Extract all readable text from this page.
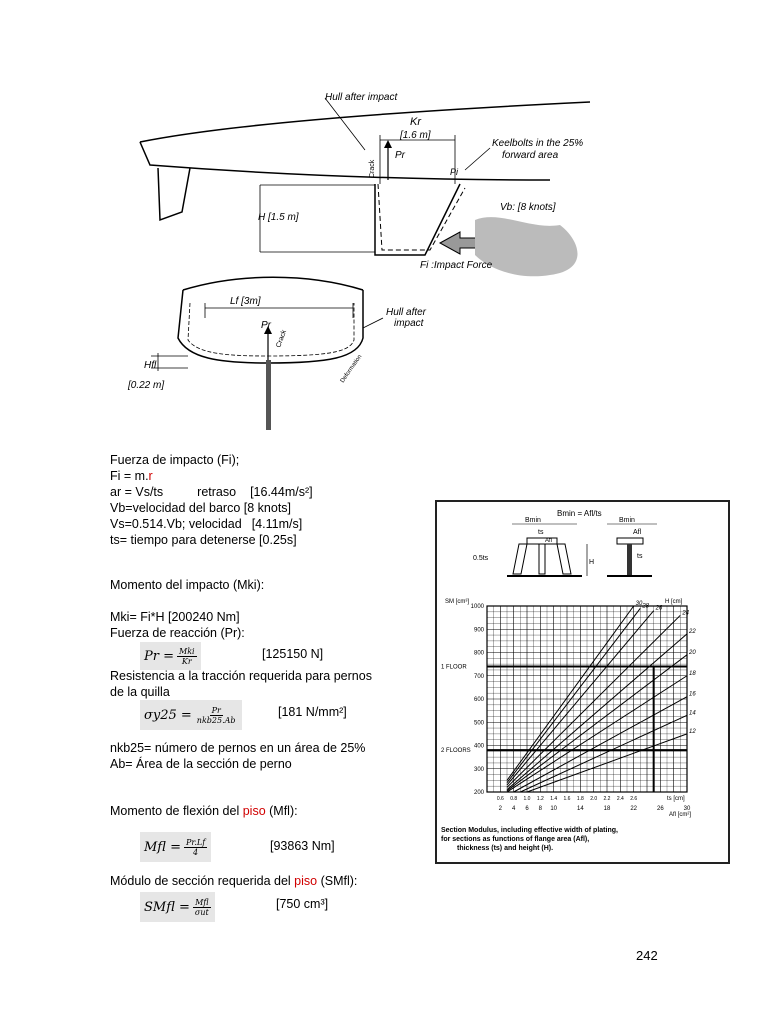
Hull after impact
Kr
[1.6 m]
Keelbolts in the 25%
forward area
Pr
Crack	Pi
H [1.5 m]
Vb: [8 knots]
Fi :Impact Force
Lf [3m]
Pr
Crack
Hull after
impact
Deformation
Hfl
[0.22 m]
Fuerza de impacto (Fi);
Fi = m.r
ar = Vs/ts	retraso [16.44m/s²]
Vb=velocidad del barco [8 knots]
Vs=0.514.Vb; velocidad [4.11m/s]
ts= tiempo para detenerse [0.25s]
Momento del impacto (Mki):
Mki= Fi*H [200240 Nm]
Fuerza de reacción (Pr):
$Pr = \frac{\text{Mki}}{Kr}$	[125150 N]
Resistencia a la tracción requerida para pernos
de la quilla
$\sigma y25 = \frac{Pr}{\text{nkb25.Ab}}$	[181 N/mm²]
nkb25= número de pernos en un área de 25%
Ab= Área de la sección de perno
Momento de flexión del piso (Mfl):
Mfl = $\frac{Pr.Lf}{4}$	[93863 Nm]
Módulo de sección requerida del piso (SMfl):
SMfl = $\frac{\text{Mfl}}{\text{σut}}$	[750 cm³]
242
Bmin = Afl/ts
Bmin	Bmin
ts
Afl
Afl
H
ts
0.5ts
200
300
400
500
600
700
800
900
1000
2 4 6 8 10	14	18	22	26	30
0.6 0.8 1.0 1.2 1.4 1.6 1.8 2.0 2.2 2.4 2.6
1 FLOOR
2 FLOORS
30 28 26
24
22
20
18
16
14
12
SM [cm³]	H [cm]
ts [cm]
Afl [cm²]
Section Modulus, including effective width of plating,
for sections as functions of flange area (Afl),
thickness (ts) and height (H).
